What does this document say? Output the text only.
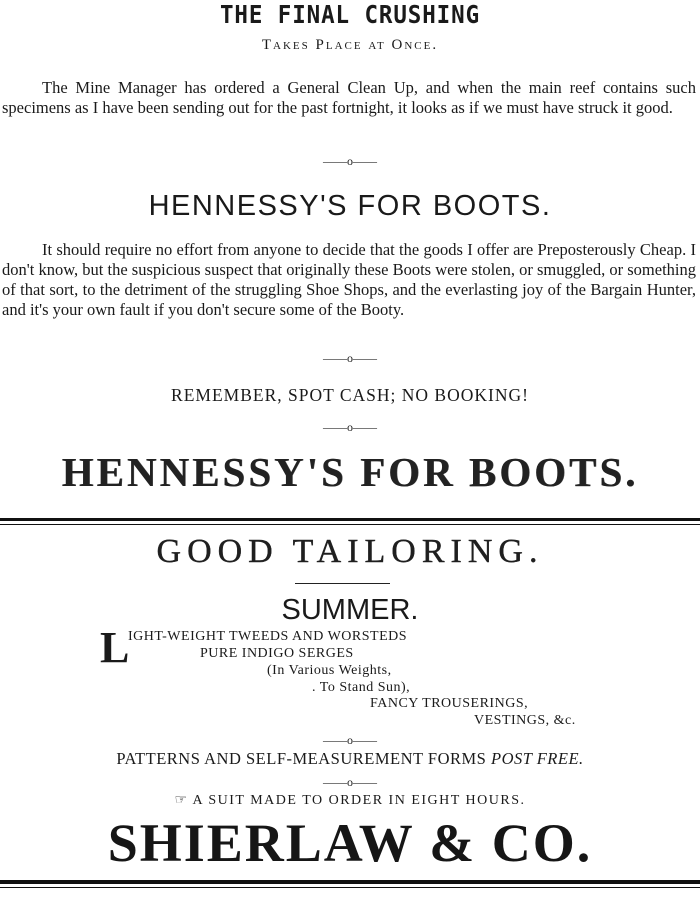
THE FINAL CRUSHING

Takes Place at Once.

The Mine Manager has ordered a General Clean Up, and when the main reef contains such specimens as I have been sending out for the past fortnight, it looks as if we must have struck it good.

——o——

HENNESSY'S FOR BOOTS.

It should require no effort from anyone to decide that the goods I offer are Preposterously Cheap. I don't know, but the suspicious suspect that originally these Boots were stolen, or smuggled, or something of that sort, to the detriment of the struggling Shoe Shops, and the everlasting joy of the Bargain Hunter, and it's your own fault if you don't secure some of the Booty.

——o——

REMEMBER, SPOT CASH; NO BOOKING!

——o——

HENNESSY'S FOR BOOTS.

GOOD TAILORING.

SUMMER.

L

IGHT-WEIGHT TWEEDS AND WORSTEDS

PURE INDIGO SERGES

(In Various Weights,

. To Stand Sun),

FANCY TROUSERINGS,

VESTINGS, &c.

——o——

PATTERNS AND SELF-MEASUREMENT FORMS POST FREE.

——o——

☞ A SUIT MADE TO ORDER IN EIGHT HOURS.

SHIERLAW & CO.
